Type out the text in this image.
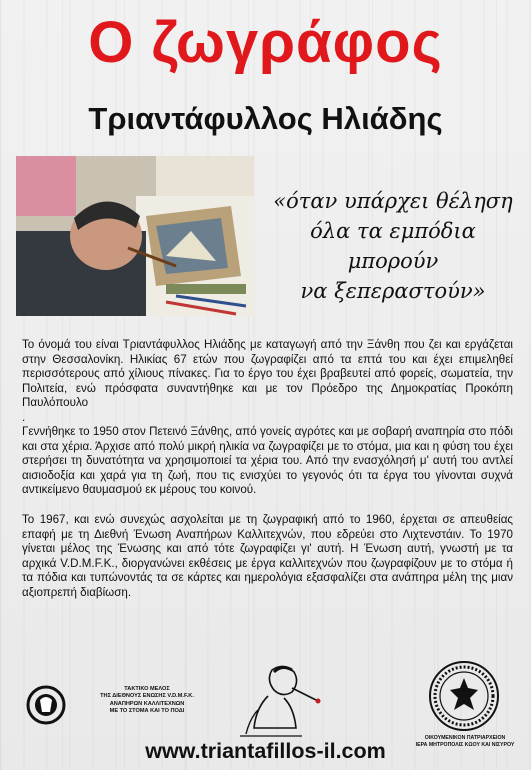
Ο ζωγράφος
Τριαντάφυλλος Ηλιάδης
«όταν υπάρχει θέληση
όλα τα εμπόδια
μπορούν
να ξεπεραστούν»

Το όνομά του είναι Τριαντάφυλλος Ηλιάδης με καταγωγή από την Ξάνθη που ζει και εργάζεται στην Θεσσαλονίκη. Ηλικίας 67 ετών που ζωγραφίζει από τα επτά του και έχει επιμεληθεί περισσότερους από χίλιους πίνακες. Για το έργο του έχει βραβευτεί από φορείς, σωματεία, την Πολιτεία, ενώ πρόσφατα συναντήθηκε και με τον Πρόεδρο της Δημοκρατίας Προκόπη Παυλόπουλο

.

Γεννήθηκε το 1950 στον Πετεινό Ξάνθης, από γονείς αγρότες και με σοβαρή αναπηρία στο πόδι και στα χέρια. Άρχισε από πολύ μικρή ηλικία να ζωγραφίζει με το στόμα, μια και η φύση του έχει στερήσει τη δυνατότητα να χρησιμοποιεί τα χέρια του. Από την ενασχόλησή μ' αυτή του αντλεί αισιοδοξία και χαρά για τη ζωή, που τις ενισχύει το γεγονός ότι τα έργα του γίνονται συχνά αντικείμενο θαυμασμού εκ μέρους του κοινού.

Το 1967, και ενώ συνεχώς ασχολείται με τη ζωγραφική από το 1960, έρχεται σε απευθείας επαφή με τη Διεθνή Ένωση Αναπήρων Καλλιτεχνών, που εδρεύει στο Λιχτενστάιν. Το 1970 γίνεται μέλος της Ένωσης και από τότε ζωγραφίζει γι' αυτή. Η Ένωση αυτή, γνωστή με τα αρχικά V.D.M.F.K., διοργανώνει εκθέσεις με έργα καλλιτεχνών που ζωγραφίζουν με το στόμα ή τα πόδια και τυπώνοντάς τα σε κάρτες και ημερολόγια εξασφαλίζει στα ανάπηρα μέλη της μιαν αξιοπρεπή διαβίωση.

ΤΑΚΤΙΚΟ ΜΕΛΟΣ
ΤΗΣ ΔΙΕΘΝΟΥΣ ΕΝΩΣΗΣ V.D.M.F.K.
ΑΝΑΠΗΡΩΝ ΚΑΛΛΙΤΕΧΝΩΝ
ΜΕ ΤΟ ΣΤΟΜΑ ΚΑΙ ΤΟ ΠΟΔΙ
ΟΙΚΟΥΜΕΝΙΚΟΝ ΠΑΤΡΙΑΡΧΕΙΟΝ
ΙΕΡΑ ΜΗΤΡΟΠΟΛΙΣ ΚΩΟΥ ΚΑΙ ΝΙΣΥΡΟΥ
www.triantafillos-il.com
